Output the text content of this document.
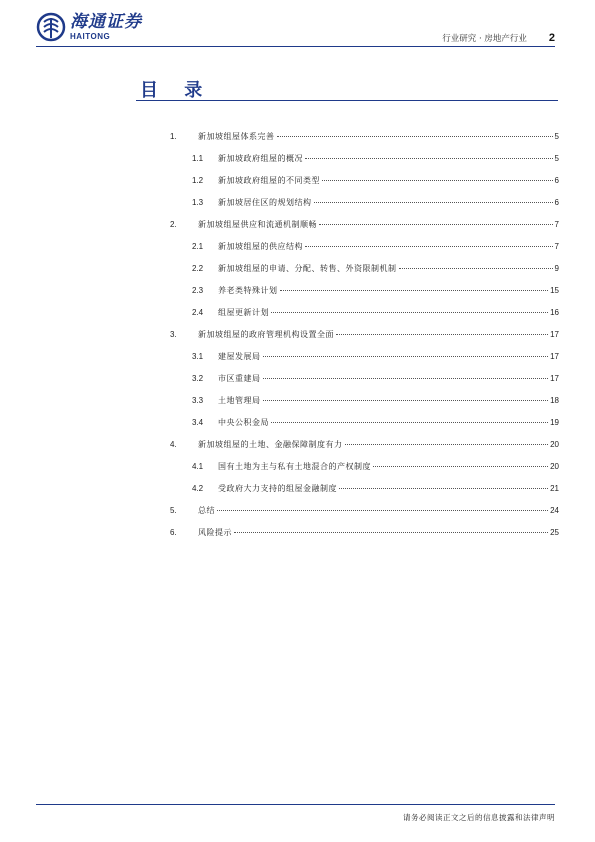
海通证券
HAITONG	行业研究 · 房地产行业 2
目 录
1.	新加坡组屋体系完善	5
1.1	新加坡政府组屋的概况	5
1.2	新加坡政府组屋的不同类型	6
1.3	新加坡居住区的规划结构	6
2.	新加坡组屋供应和流通机制顺畅	7
2.1	新加坡组屋的供应结构	7
2.2	新加坡组屋的申请、分配、转售、外资限制机制	9
2.3	养老类特殊计划	15
2.4	组屋更新计划	16
3.	新加坡组屋的政府管理机构设置全面	17
3.1	建屋发展局	17
3.2	市区重建局	17
3.3	土地管理局	18
3.4	中央公积金局	19
4.	新加坡组屋的土地、金融保障制度有力	20
4.1	国有土地为主与私有土地混合的产权制度	20
4.2	受政府大力支持的组屋金融制度	21
5.	总结	24
6.	风险提示	25
请务必阅读正文之后的信息披露和法律声明
